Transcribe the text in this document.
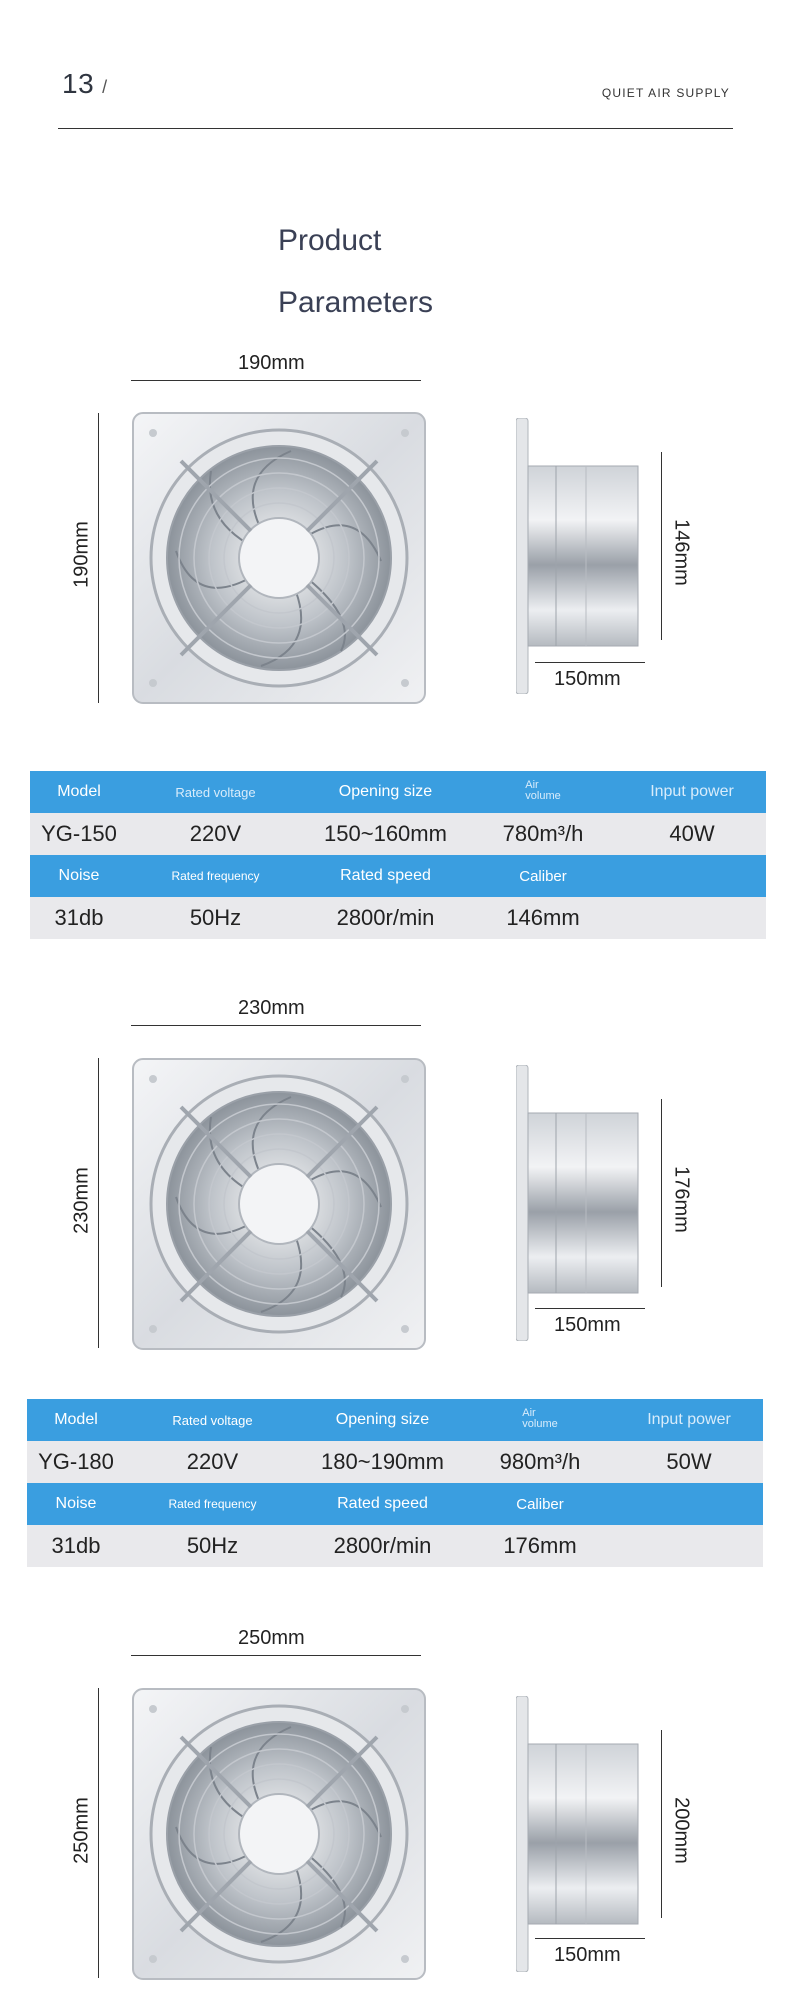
13 /	QUIET AIR SUPPLY
Product
Parameters
190mm
190mm	146mm
150mm
Model	Rated voltage	Opening size	Air
volume	Input power
YG-150	220V	150~160mm	780m³/h	40W
Noise	Rated frequency	Rated speed	Caliber
31db	50Hz	2800r/min	146mm
230mm
230mm	176mm
150mm
Model	Rated voltage	Opening size	Air
volume	Input power
YG-180	220V	180~190mm	980m³/h	50W
Noise	Rated frequency	Rated speed	Caliber
31db	50Hz	2800r/min	176mm
250mm
250mm	200mm
150mm
